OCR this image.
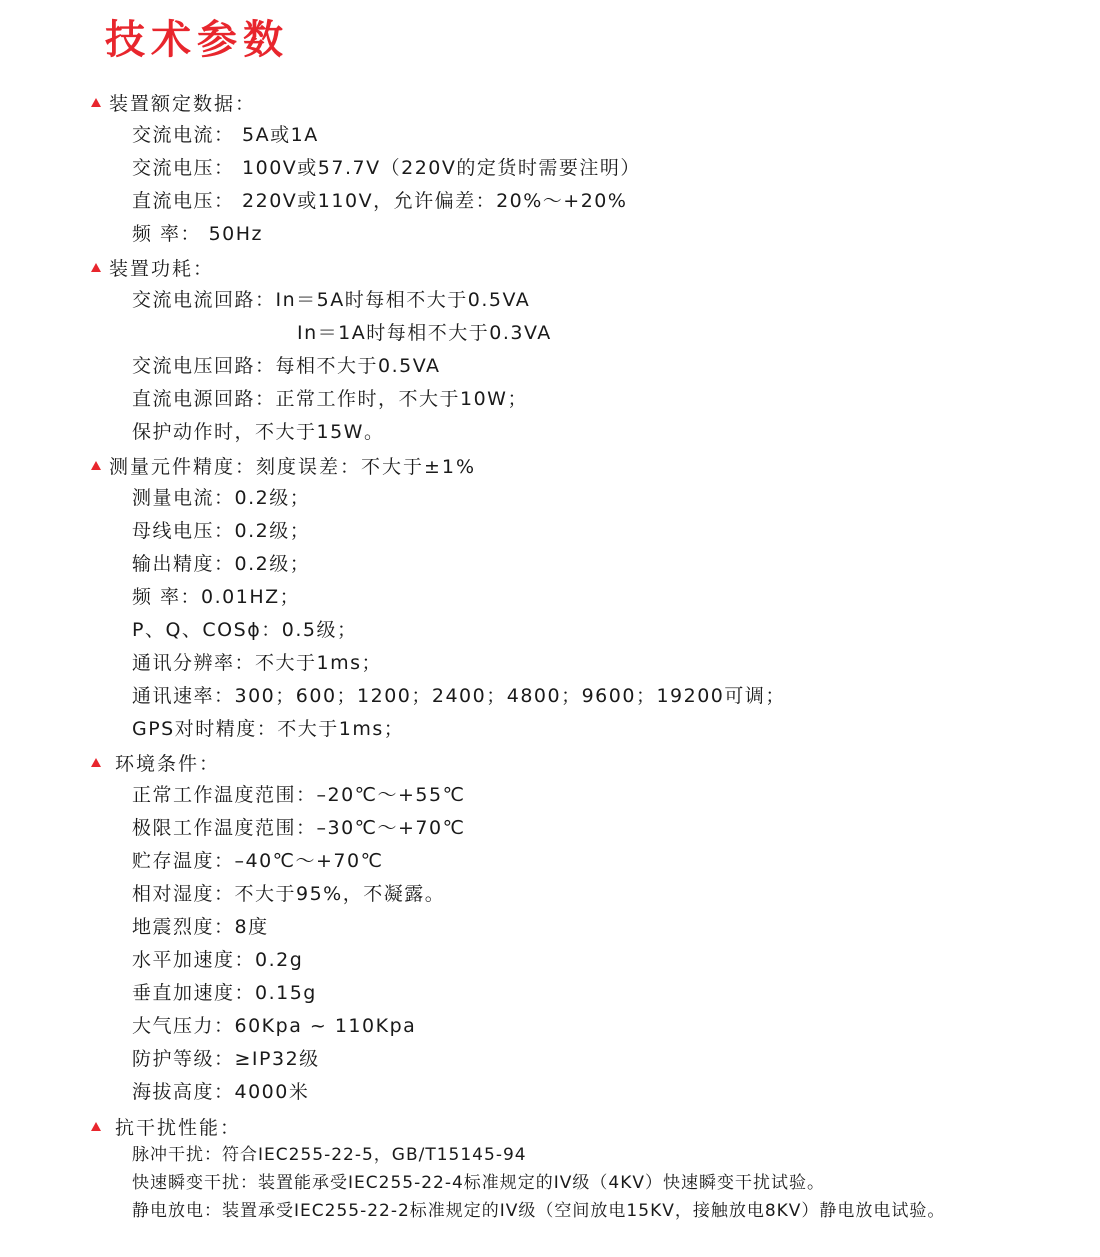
技术参数
装置额定数据：
交流电流： 5A或1A
交流电压： 100V或57.7V（220V的定货时需要注明）
直流电压： 220V或110V，允许偏差：20%～+20%
频 率： 50Hz
装置功耗：
交流电流回路：In＝5A时每相不大于0.5VA
In＝1A时每相不大于0.3VA
交流电压回路：每相不大于0.5VA
直流电源回路：正常工作时，不大于10W；
保护动作时，不大于15W。
测量元件精度：刻度误差：不大于±1%
测量电流：0.2级；
母线电压：0.2级；
输出精度：0.2级；
频 率：0.01HZ；
P、Q、COSϕ：0.5级；
通讯分辨率：不大于1ms；
通讯速率：300；600；1200；2400；4800；9600；19200可调；
GPS对时精度：不大于1ms；
环境条件：
正常工作温度范围：–20℃～+55℃
极限工作温度范围：–30℃～+70℃
贮存温度：–40℃～+70℃
相对湿度：不大于95%，不凝露。
地震烈度：8度
水平加速度：0.2g
垂直加速度：0.15g
大气压力：60Kpa ~ 110Kpa
防护等级：≥IP32级
海拔高度：4000米
抗干扰性能：
脉冲干扰：符合IEC255-22-5，GB/T15145-94
快速瞬变干扰：装置能承受IEC255-22-4标准规定的IV级（4KV）快速瞬变干扰试验。
静电放电：装置承受IEC255-22-2标准规定的IV级（空间放电15KV，接触放电8KV）静电放电试验。
